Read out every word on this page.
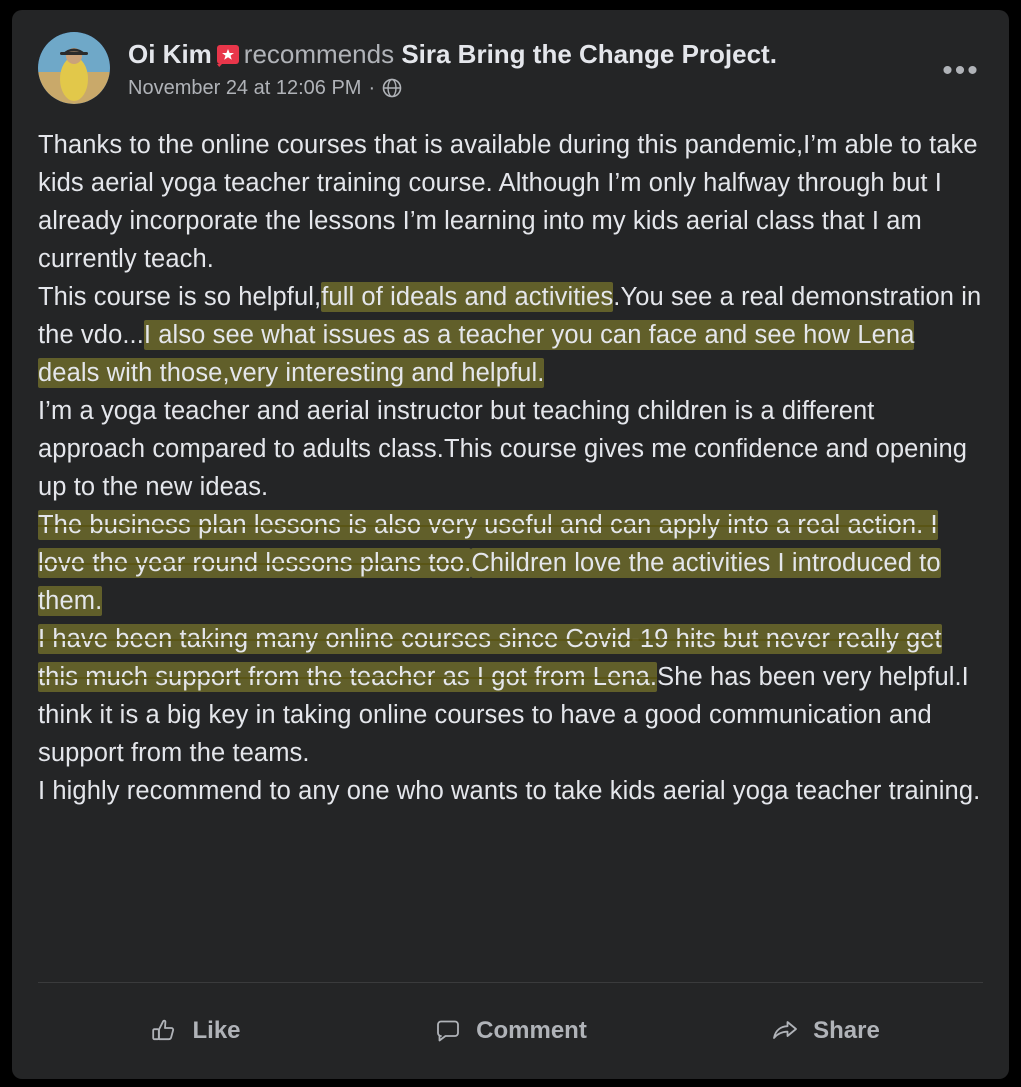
Oi Kim recommends Sira Bring the Change Project.
November 24 at 12:06 PM ·
•••

Thanks to the online courses that is available during this pandemic,I’m able to take kids aerial yoga teacher training course. Although I’m only halfway through but I already incorporate the lessons I’m learning into my kids aerial class that I am currently teach.

This course is so helpful,full of ideals and activities.You see a real demonstration in the vdo...I also see what issues as a teacher you can face and see how Lena deals with those,very interesting and helpful.

I’m a yoga teacher and aerial instructor but teaching children is a different approach compared to adults class.This course gives me confidence and opening up to the new ideas.

The business plan lessons is also very useful and can apply into a real action. I love the year round lessons plans too.Children love the activities I introduced to them.

I have been taking many online courses since Covid-19 hits but never really get this much support from the teacher as I got from Lena.She has been very helpful.I think it is a big key in taking online courses to have a good communication and support from the teams.

I highly recommend to any one who wants to take kids aerial yoga teacher training.

Like	Comment	Share
